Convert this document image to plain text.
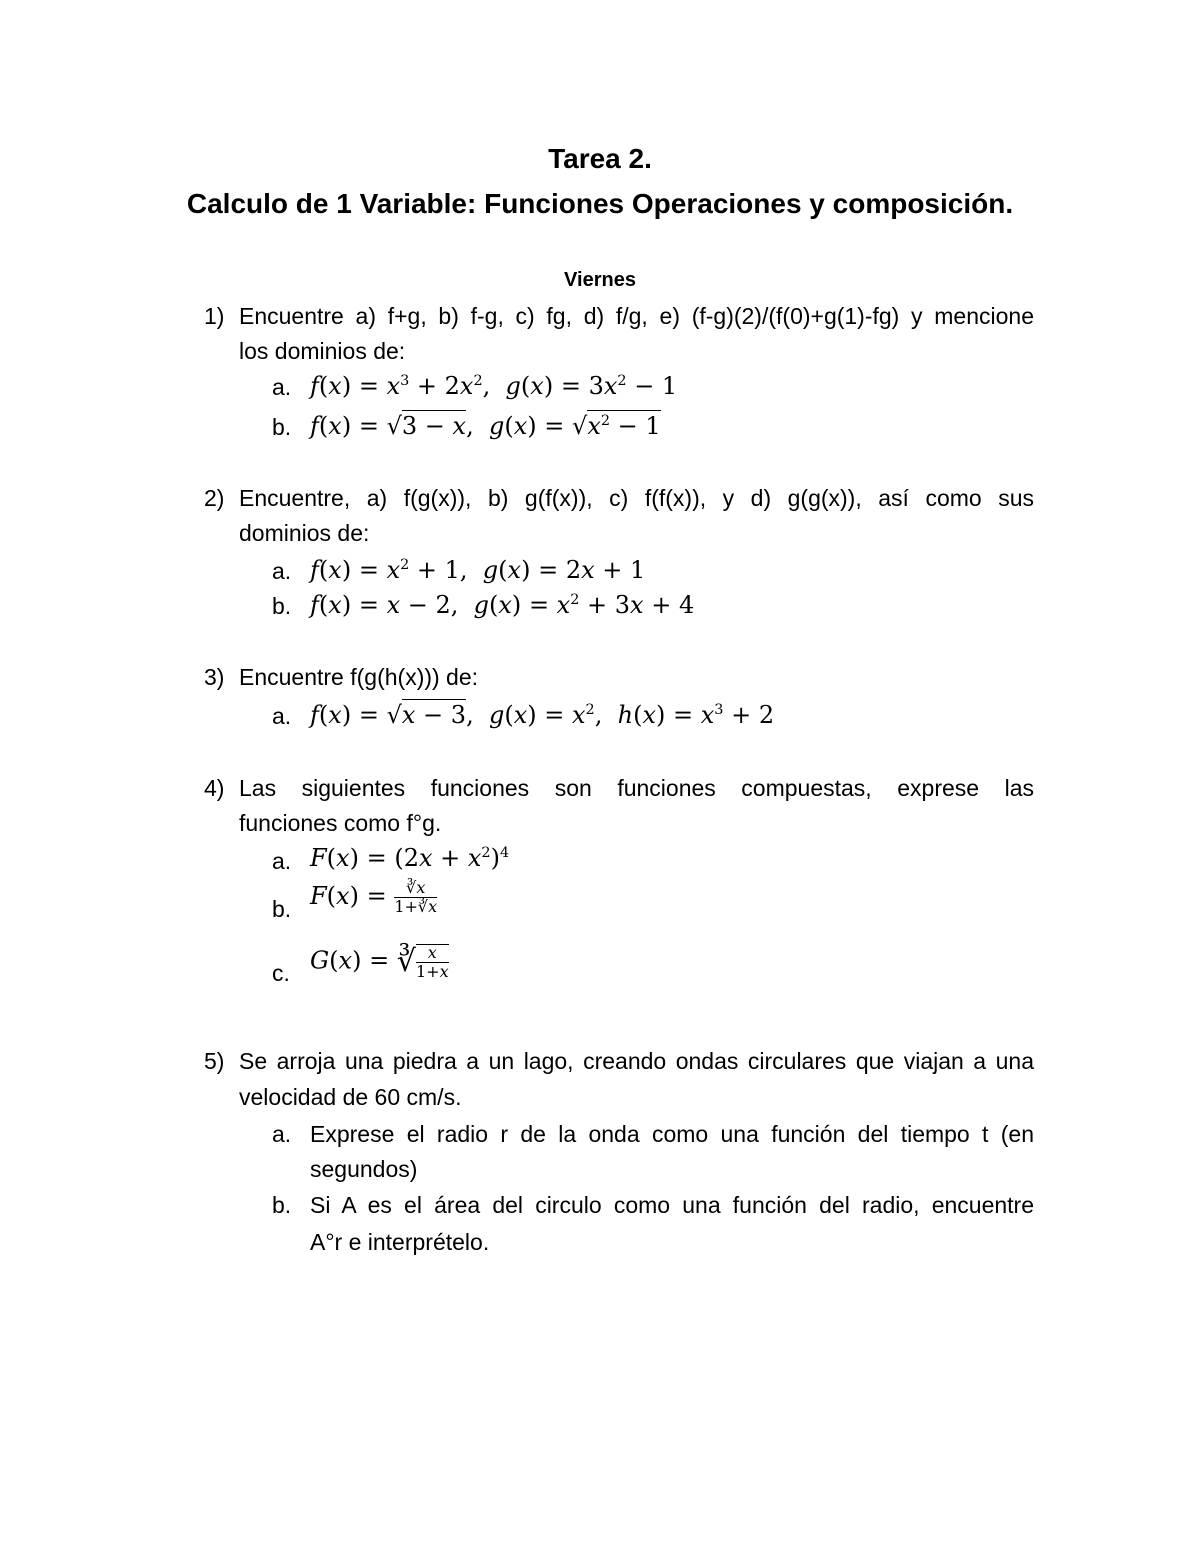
Tarea 2.
Calculo de 1 Variable: Funciones Operaciones y composición.
Viernes
1) Encuentre a) f+g, b) f-g, c) fg, d) f/g, e) (f-g)(2)/(f(0)+g(1)-fg) y mencione
los dominios de:
a. $f(x) = x^3 + 2x^2$,  $g(x) = 3x^2 - 1$
b. f(x) = √3 − x,  $g(x) = √x^2 - 1$
2) Encuentre, a) f(g(x)), b) g(f(x)), c) f(f(x)), y d) g(g(x)), así como sus
dominios de:
a. $f(x) = x^2 + 1$,  g(x) = 2x + 1
b. f(x) = x − 2,  $g(x) = x^2 + 3x + 4$
3) Encuentre f(g(h(x))) de:
a. f(x) = √x − 3,  $g(x) = x^2$,  $h(x) = x^3 + 2$
4) Las siguientes funciones son funciones compuestas, exprese las
funciones como f°g.
a. $F(x) = (2x + x^2)^4$
b. $F(x) = \frac{∛x}{1+∛x}$
c. G(x) = ∛ $\frac{x}{1+x}$
5) Se arroja una piedra a un lago, creando ondas circulares que viajan a una
velocidad de 60 cm/s.
a. Exprese el radio r de la onda como una función del tiempo t (en
segundos)
b. Si A es el área del circulo como una función del radio, encuentre
A°r e interprételo.
